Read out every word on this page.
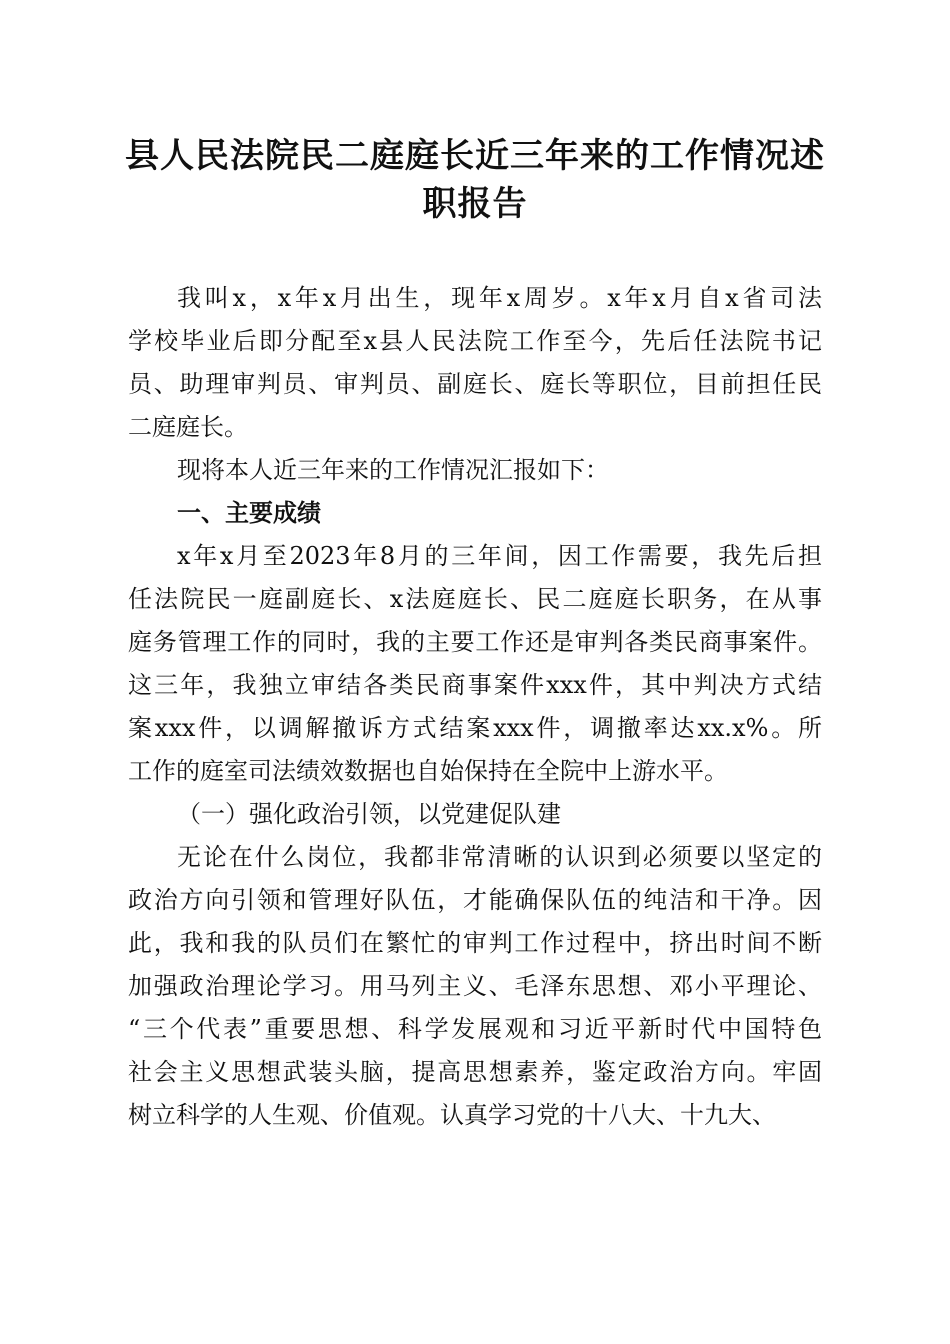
县人民法院民二庭庭长近三年来的工作情况述
职报告
我叫x，x年x月出生，现年x周岁。x年x月自x省司法
学校毕业后即分配至x县人民法院工作至今，先后任法院书记
员、助理审判员、审判员、副庭长、庭长等职位，目前担任民
二庭庭长。
现将本人近三年来的工作情况汇报如下：
一、主要成绩
x年x月至2023年8月的三年间，因工作需要，我先后担
任法院民一庭副庭长、x法庭庭长、民二庭庭长职务，在从事
庭务管理工作的同时，我的主要工作还是审判各类民商事案件。
这三年，我独立审结各类民商事案件xxx件，其中判决方式结
案xxx件，以调解撤诉方式结案xxx件，调撤率达xx.x%。所
工作的庭室司法绩效数据也自始保持在全院中上游水平。
（一）强化政治引领，以党建促队建
无论在什么岗位，我都非常清晰的认识到必须要以坚定的
政治方向引领和管理好队伍，才能确保队伍的纯洁和干净。因
此，我和我的队员们在繁忙的审判工作过程中，挤出时间不断
加强政治理论学习。用马列主义、毛泽东思想、邓小平理论、
“三个代表”重要思想、科学发展观和习近平新时代中国特色
社会主义思想武装头脑，提高思想素养，鉴定政治方向。牢固
树立科学的人生观、价值观。认真学习党的十八大、十九大、
